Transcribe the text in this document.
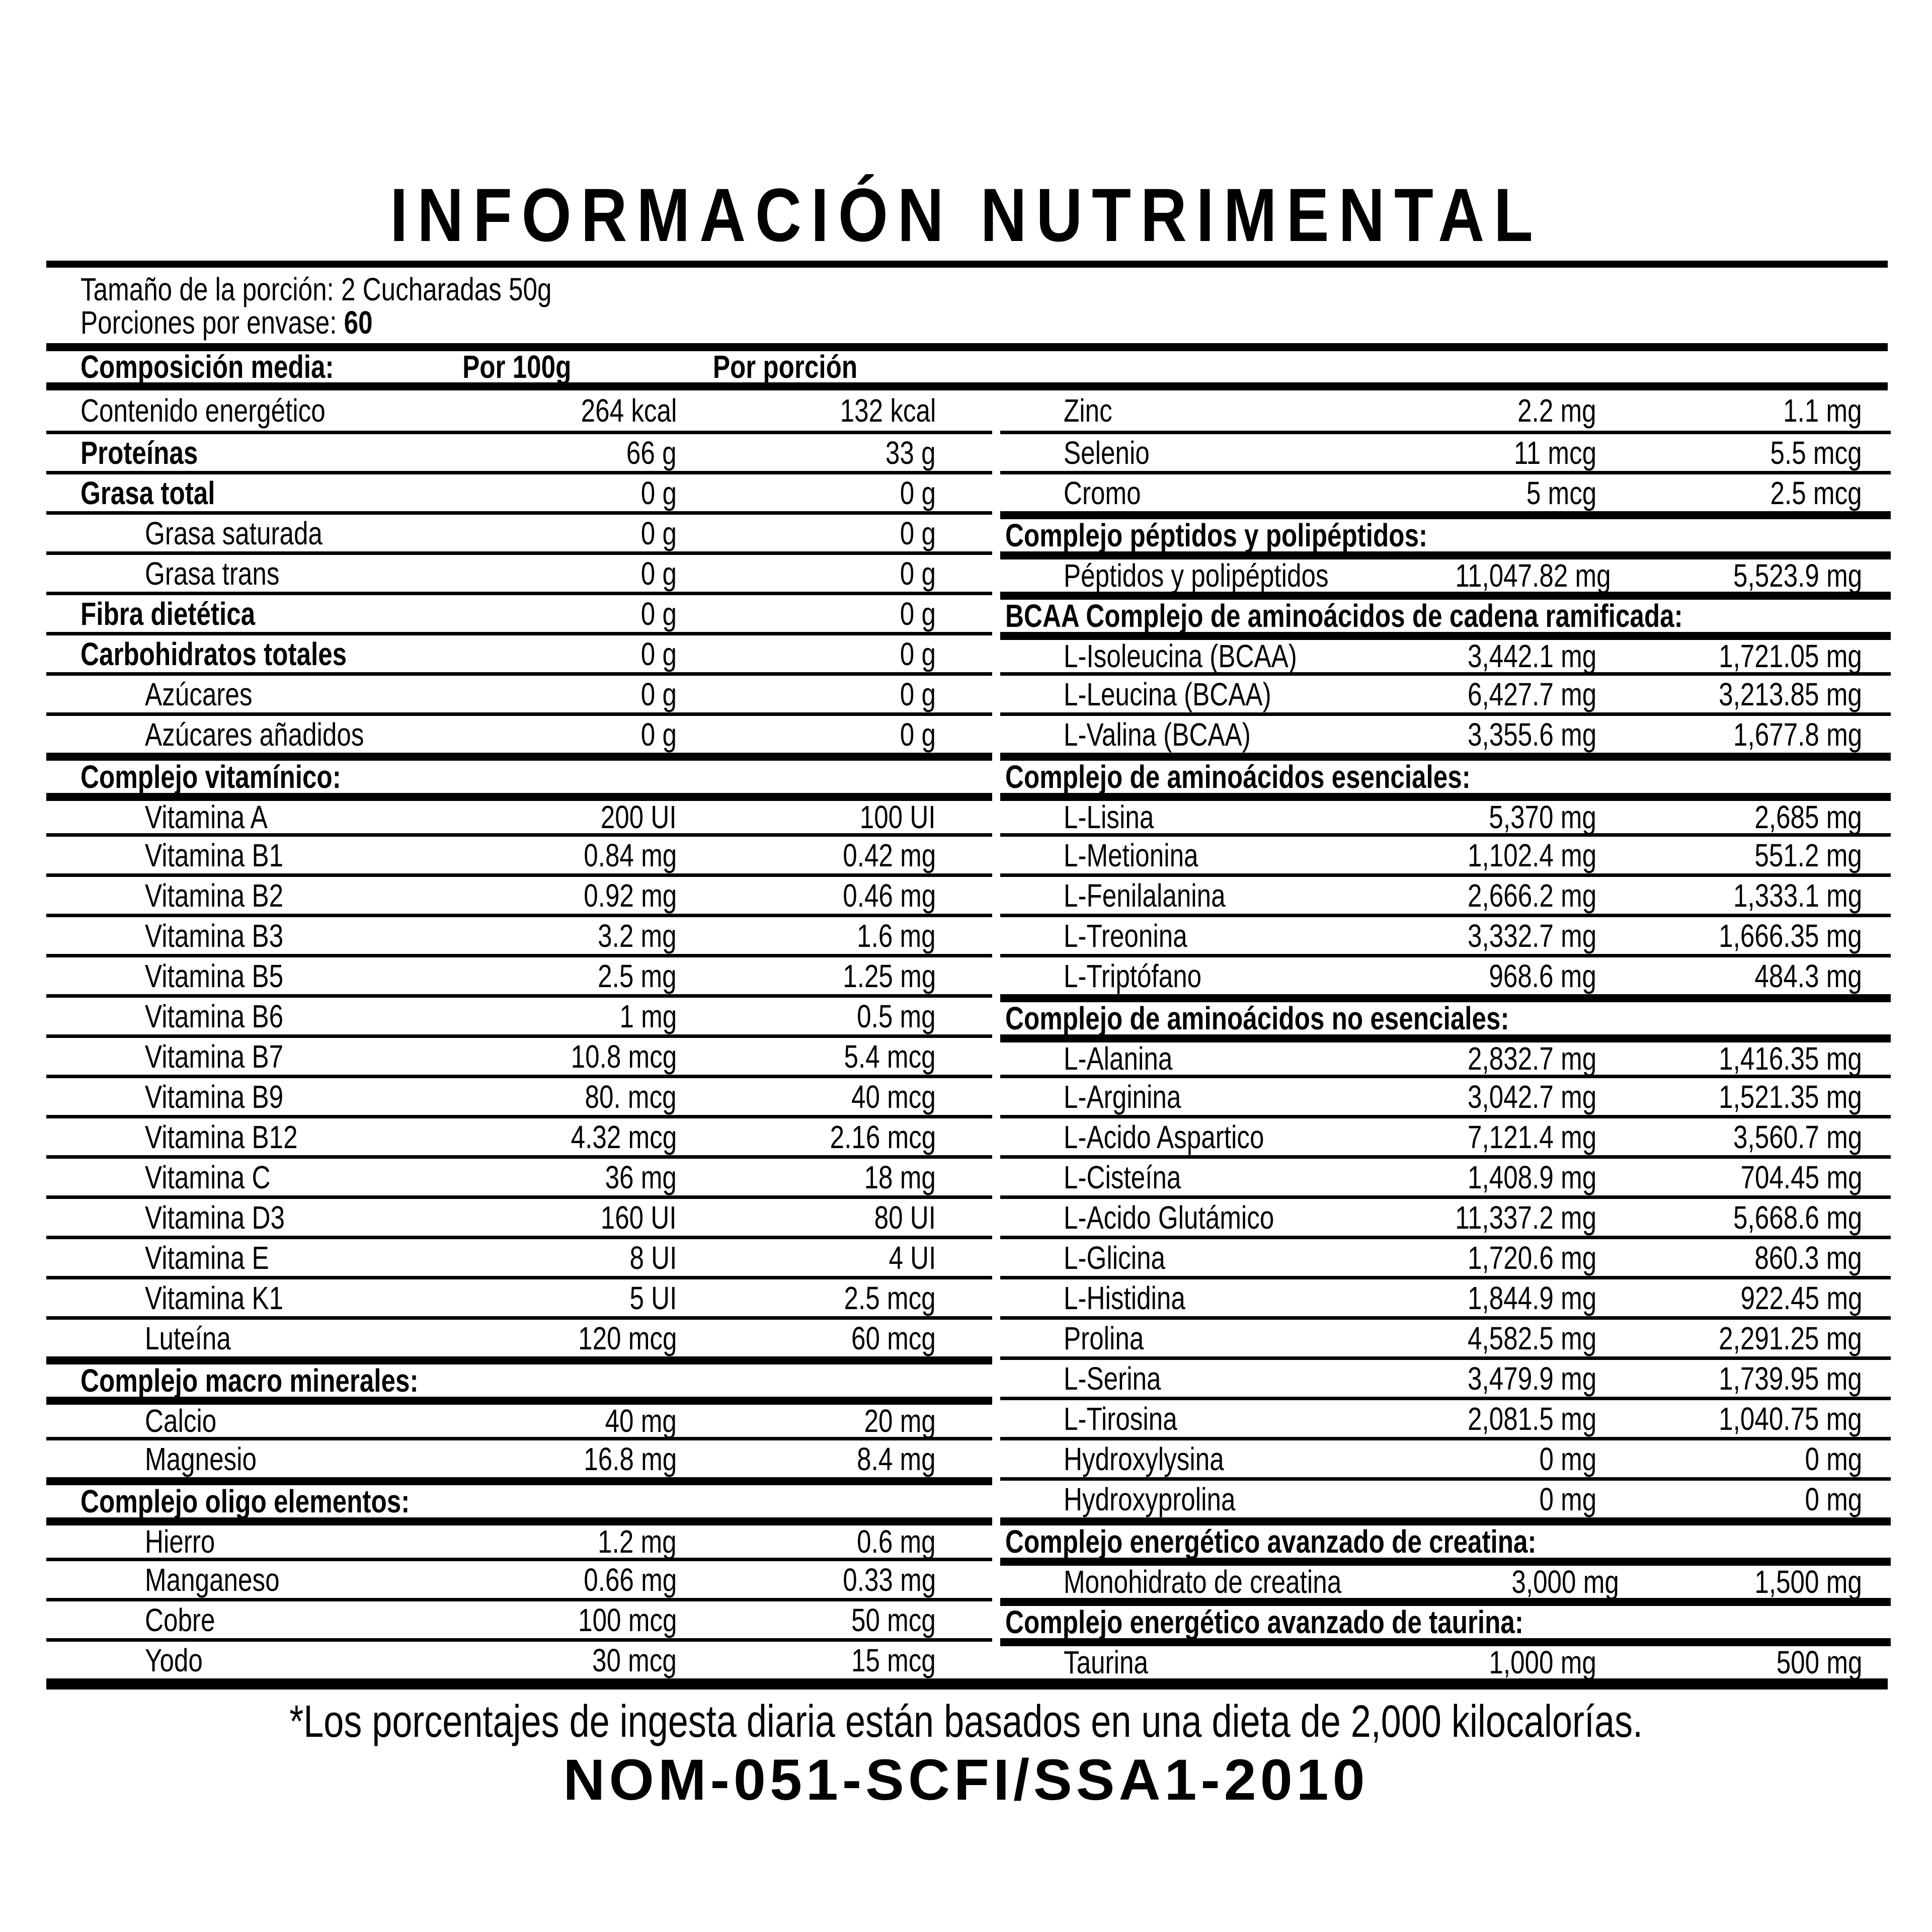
INFORMACIÓN NUTRIMENTAL
Tamaño de la porción: 2 Cucharadas 50g
Porciones por envase: 60
Composición media:	Por 100g	Por porción
Contenido energético	264 kcal	132 kcal
Proteínas	66 g	33 g
Grasa total	0 g	0 g
Grasa saturada	0 g	0 g
Grasa trans	0 g	0 g
Fibra dietética	0 g	0 g
Carbohidratos totales	0 g	0 g
Azúcares	0 g	0 g
Azúcares añadidos	0 g	0 g
Complejo vitamínico:
Vitamina A	200 UI	100 UI
Vitamina B1	0.84 mg	0.42 mg
Vitamina B2	0.92 mg	0.46 mg
Vitamina B3	3.2 mg	1.6 mg
Vitamina B5	2.5 mg	1.25 mg
Vitamina B6	1 mg	0.5 mg
Vitamina B7	10.8 mcg	5.4 mcg
Vitamina B9	80. mcg	40 mcg
Vitamina B12	4.32 mcg	2.16 mcg
Vitamina C	36 mg	18 mg
Vitamina D3	160 UI	80 UI
Vitamina E	8 UI	4 UI
Vitamina K1	5 UI	2.5 mcg
Luteína	120 mcg	60 mcg
Complejo macro minerales:
Calcio	40 mg	20 mg
Magnesio	16.8 mg	8.4 mg
Complejo oligo elementos:
Hierro	1.2 mg	0.6 mg
Manganeso	0.66 mg	0.33 mg
Cobre	100 mcg	50 mcg
Yodo	30 mcg	15 mcg
Zinc	2.2 mg	1.1 mg
Selenio	11 mcg	5.5 mcg
Cromo	5 mcg	2.5 mcg
Complejo péptidos y polipéptidos:
Péptidos y polipéptidos	11,047.82 mg	5,523.9 mg
BCAA Complejo de aminoácidos de cadena ramificada:
L-Isoleucina (BCAA)	3,442.1 mg	1,721.05 mg
L-Leucina (BCAA)	6,427.7 mg	3,213.85 mg
L-Valina (BCAA)	3,355.6 mg	1,677.8 mg
Complejo de aminoácidos esenciales:
L-Lisina	5,370 mg	2,685 mg
L-Metionina	1,102.4 mg	551.2 mg
L-Fenilalanina	2,666.2 mg	1,333.1 mg
L-Treonina	3,332.7 mg	1,666.35 mg
L-Triptófano	968.6 mg	484.3 mg
Complejo de aminoácidos no esenciales:
L-Alanina	2,832.7 mg	1,416.35 mg
L-Arginina	3,042.7 mg	1,521.35 mg
L-Acido Aspartico	7,121.4 mg	3,560.7 mg
L-Cisteína	1,408.9 mg	704.45 mg
L-Acido Glutámico	11,337.2 mg	5,668.6 mg
L-Glicina	1,720.6 mg	860.3 mg
L-Histidina	1,844.9 mg	922.45 mg
Prolina	4,582.5 mg	2,291.25 mg
L-Serina	3,479.9 mg	1,739.95 mg
L-Tirosina	2,081.5 mg	1,040.75 mg
Hydroxylysina	0 mg	0 mg
Hydroxyprolina	0 mg	0 mg
Complejo energético avanzado de creatina:
Monohidrato de creatina	3,000 mg	1,500 mg
Complejo energético avanzado de taurina:
Taurina	1,000 mg	500 mg
*Los porcentajes de ingesta diaria están basados en una dieta de 2,000 kilocalorías.
NOM-051-SCFI/SSA1-2010
